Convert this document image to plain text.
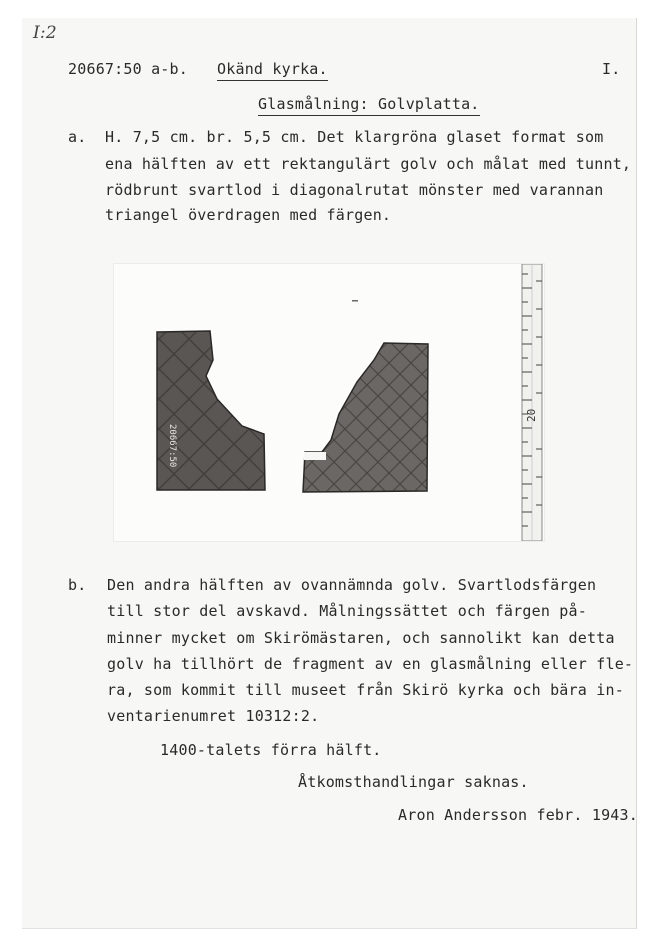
I:2
20667:50 a-b. Okänd kyrka.	I.
Glasmålning: Golvplatta.
a. H. 7,5 cm. br. 5,5 cm. Det klargröna glaset format som
ena hälften av ett rektangulärt golv och målat med tunnt,
rödbrunt svartlod i diagonalrutat mönster med varannan
triangel överdragen med färgen.
20667:50
20
b. Den andra hälften av ovannämnda golv. Svartlodsfärgen
till stor del avskavd. Målningssättet och färgen på-
minner mycket om Skirömästaren, och sannolikt kan detta
golv ha tillhört de fragment av en glasmålning eller fle-
ra, som kommit till museet från Skirö kyrka och bära in-
ventarienumret 10312:2.
1400-talets förra hälft.
Åtkomsthandlingar saknas.
Aron Andersson febr. 1943.
